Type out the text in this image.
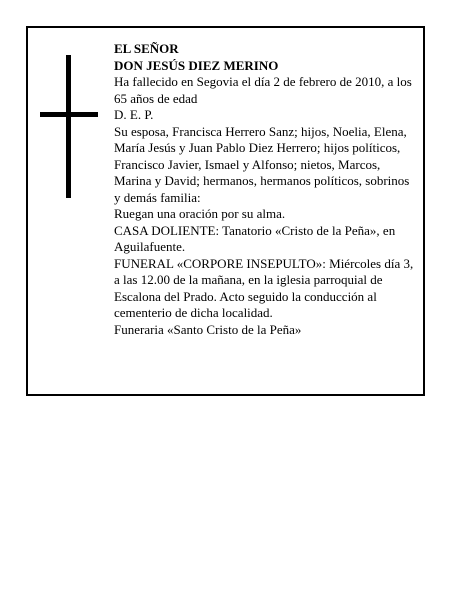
EL SEÑOR

DON JESÚS DIEZ MERINO

Ha fallecido en Segovia el día 2 de febrero de 2010, a los 65 años de edad

D. E. P.

Su esposa, Francisca Herrero Sanz; hijos, Noelia, Elena, María Jesús y Juan Pablo Diez Herrero; hijos políticos, Francisco Javier, Ismael y Alfonso; nietos, Marcos, Marina y David; hermanos, hermanos políticos, sobrinos y demás familia:

Ruegan una oración por su alma.

CASA DOLIENTE: Tanatorio «Cristo de la Peña», en Aguilafuente.

FUNERAL «CORPORE INSEPULTO»: Miércoles día 3, a las 12.00 de la mañana, en la iglesia parroquial de Escalona del Prado. Acto seguido la conducción al cementerio de dicha localidad.

Funeraria «Santo Cristo de la Peña»
